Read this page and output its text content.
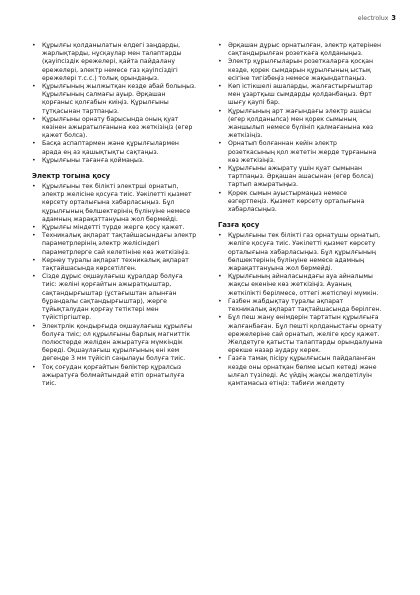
electrolux 3
• Құрылғы қолданылатын елдегі заңдарды, жарлықтарды, нұсқаулар мен талаптарды (қауіпсіздік ережелері, қайта пайдалану ережелері, электр немесе газ қауіпсіздігі ережелері т.с.с.) толық орындаңыз.
• Құрылғының жылжытқан кезде абай болыңыз. Құрылғының салмағы ауыр. Әрқашан қорғаныс қолғабын киіңіз. Құрылғыны тұтқасынан тартпаңыз.
• Құрылғыны орнату барысында оның қуат көзінен ажыратылғанына көз жеткізіңіз (егер қажет болса).
• Басқа аспаптармен және құрылғылармен арада ең аз қашықтықты сақтаңыз.
• Құрылғыны тағанға қоймаңыз.
Электр тогына қосу
• Құрылғыны тек білікті электрші орнатып, электр желісіне қосуға тиіс. Уәкілетті қызмет көрсету орталығына хабарласыңыз. Бұл құрылғының бөлшектерінің бүлінуіне немесе адамның жарақаттануына жол бермейді.
• Құрылғы міндетті түрде жерге қосу қажет.
• Техникалық ақпарат тақтайшасындағы электр параметрлерінің электр желісіндегі параметрлерге сай келетініне көз жеткізіңіз.
• Кернеу туралы ақпарат техникалық ақпарат тақтайшасында көрсетілген.
• Сізде дұрыс оқшаулағыш құралдар болуға тиіс: желіні қорғайтын ажыратқыштар, сақтандырғыштар (ұстағыштан алынған бұрандалы сақтандырғыштар), жерге тұйықталудан қорғау тетіктері мен түйістіргіштер.
• Электрлік қондырғыда оқшаулағыш құрылғы болуға тиіс; ол құрылғыны барлық магниттік полюстерде желіден ажыратуға мүмкіндік береді. Оқшаулағыш құрылғының ені кем дегенде 3 мм түйісіп саңылауы болуға тиіс.
• Тоқ соғудан қорғайтын бөліктер құралсыз ажыратуға болмайтындай етіп орнатылуға тиіс.
• Әрқашан дұрыс орнатылған, электр қатерінен сақтандырылған розеткаға қолданыңыз.
• Электр құрылғыларын розеткаларға қосқан кезде, қорек сымдарын құрылғының ыстық есігіне тигізбеңіз немесе жақындатпаңыз.
• Көп істікшелі ашаларды, жалғастырғыштар мен ұзартқыш сымдарды қолданбаңыз. Өрт шығу қаупі бар.
• Құрылғының арт жағындағы электр ашасы (егер қолданылса) мен қорек сымының жаншылып немесе бүлініп қалмағанына көз жеткізіңіз.
• Орнатып болғаннан кейін электр розеткасының қол жететін жерде тұрғанына көз жеткізіңіз.
• Құрылғыны ажырату үшін қуат сымынан тартпаңыз. Әрқашан ашасынан (егер болса) тартып ажыратыңыз.
• Қорек сымын ауыстырмаңыз немесе өзгертпеңіз. Қызмет көрсету орталығына хабарласыңыз.
Газға қосу
• Құрылғыны тек білікті газ орнатушы орнатып, желіге қосуға тиіс. Уәкілетті қызмет көрсету орталығына хабарласыңыз. Бұл құрылғының бөлшектерінің бүлінуіне немесе адамның жарақаттануына жол бермейді.
• Құрылғының айналасындағы ауа айналымы жақсы екеніне көз жеткізіңіз. Ауаның жеткілікті берілмесе, оттегі жетіспеуі мүмкін.
• Газбен жабдықтау туралы ақпарат техникалық ақпарат тақтайшасында берілген.
• Бұл пеш жану өнімдерін тартатын құрылғыға жалғанбаған. Бұл пешті қолданыстағы орнату ережелеріне сай орнатып, желіге қосу қажет. Желдетуге қатысты талаптарды орындалуына ерекше назар аудару керек.
• Газға тамақ пісіру құрылғысын пайдаланған кезде оны орнатқан бөлме ысып кетеді және ылғал түзіледі. Ас үйдің жақсы желдетілуін қамтамасыз етіңіз: табиғи желдету
